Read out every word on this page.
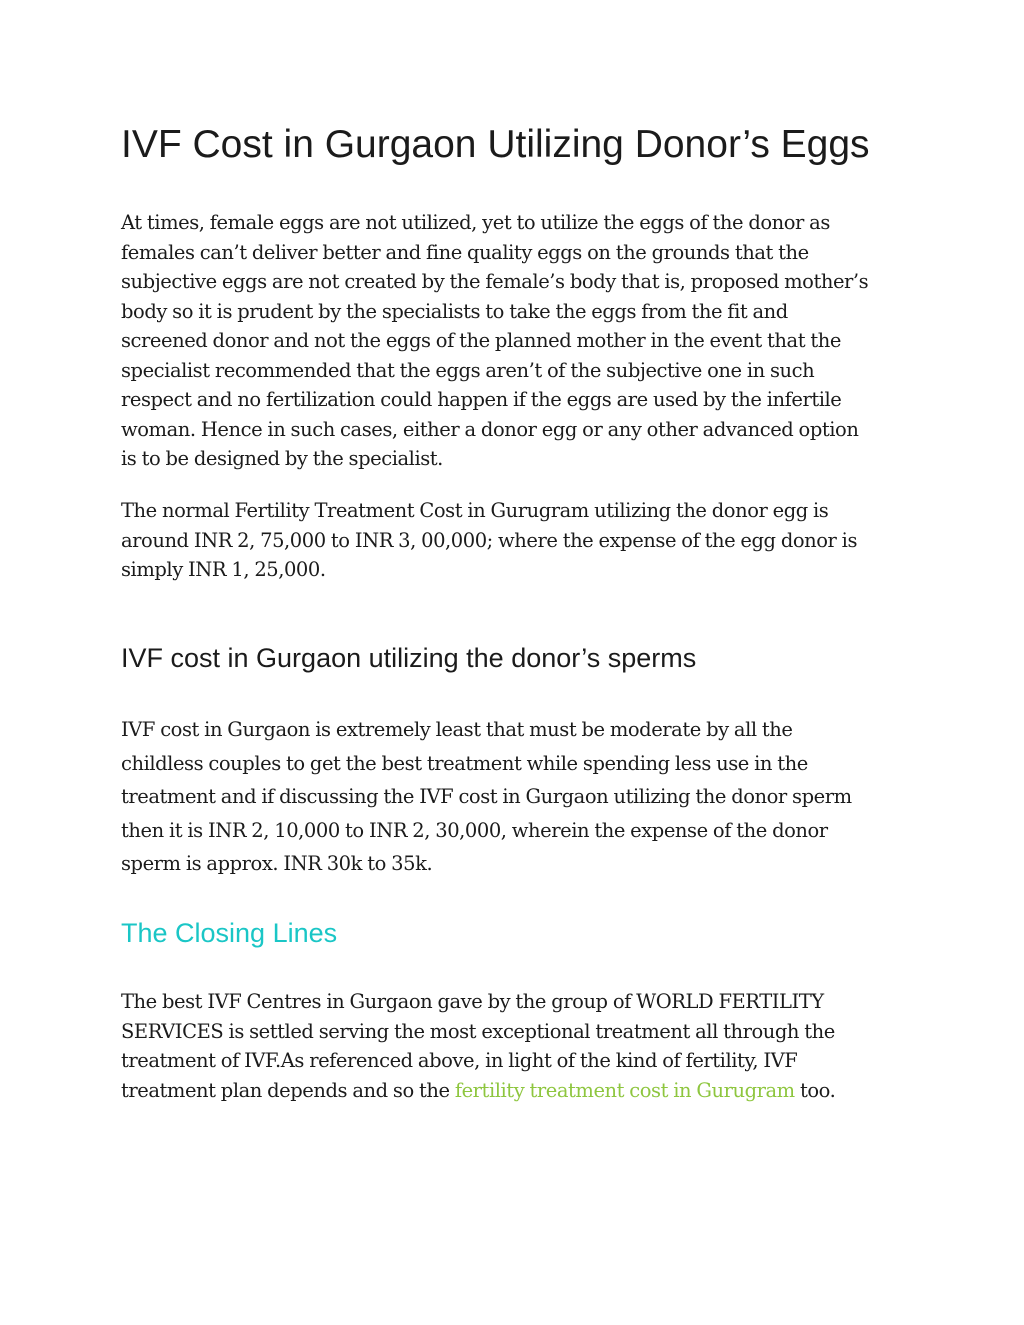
IVF Cost in Gurgaon Utilizing Donor’s Eggs

At times, female eggs are not utilized, yet to utilize the eggs of the donor as
females can’t deliver better and fine quality eggs on the grounds that the
subjective eggs are not created by the female’s body that is, proposed mother’s
body so it is prudent by the specialists to take the eggs from the fit and
screened donor and not the eggs of the planned mother in the event that the
specialist recommended that the eggs aren’t of the subjective one in such
respect and no fertilization could happen if the eggs are used by the infertile
woman. Hence in such cases, either a donor egg or any other advanced option
is to be designed by the specialist.

The normal Fertility Treatment Cost in Gurugram utilizing the donor egg is
around INR 2, 75,000 to INR 3, 00,000; where the expense of the egg donor is
simply INR 1, 25,000.

IVF cost in Gurgaon utilizing the donor’s sperms

IVF cost in Gurgaon is extremely least that must be moderate by all the
childless couples to get the best treatment while spending less use in the
treatment and if discussing the IVF cost in Gurgaon utilizing the donor sperm
then it is INR 2, 10,000 to INR 2, 30,000, wherein the expense of the donor
sperm is approx. INR 30k to 35k.

The Closing Lines

The best IVF Centres in Gurgaon gave by the group of WORLD FERTILITY
SERVICES is settled serving the most exceptional treatment all through the
treatment of IVF.As referenced above, in light of the kind of fertility, IVF
treatment plan depends and so the fertility treatment cost in Gurugram too.
